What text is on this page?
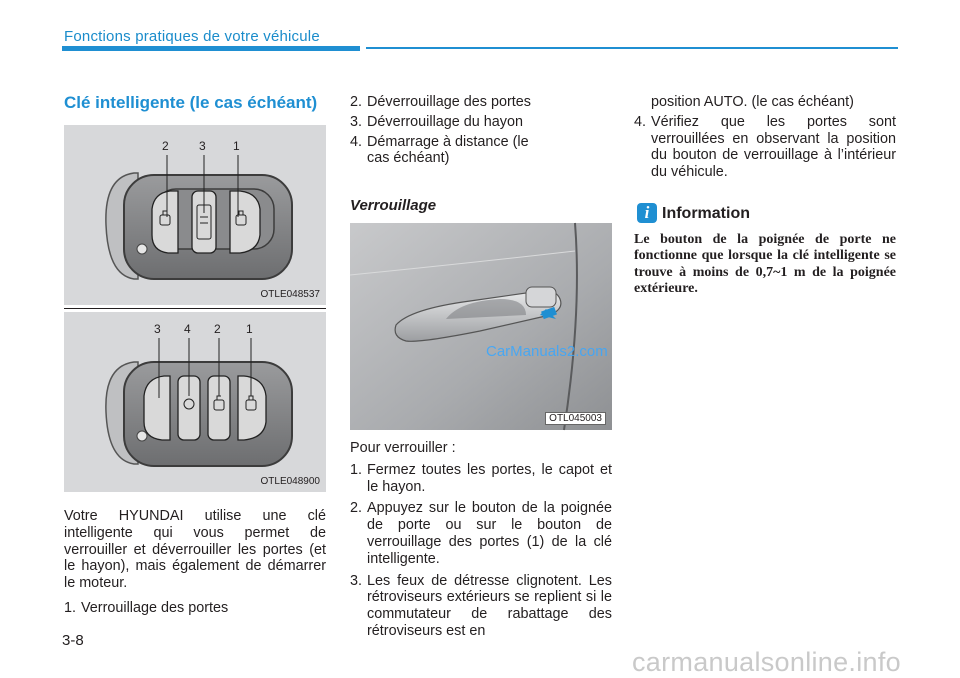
Fonctions pratiques de votre véhicule
Clé intelligente (le cas échéant)
2	3 1
OTLE048537
3 4 2 1
OTLE048900

Votre HYUNDAI utilise une clé intelligente qui vous permet de verrouiller et déverrouiller les portes (et le hayon), mais également de démarrer le moteur.

1. Verrouillage des portes
2. Déverrouillage des portes
3. Déverrouillage du hayon
4. Démarrage à distance (le cas échéant)
Verrouillage
OTL045003
CarManuals2.com

Pour verrouiller :

1. Fermez toutes les portes, le capot et le hayon.
2. Appuyez sur le bouton de la poignée de porte ou sur le bouton de verrouillage des portes (1) de la clé intelligente.
3. Les feux de détresse clignotent. Les rétroviseurs extérieurs se replient si le commutateur de rabattage des rétroviseurs est en

position AUTO. (le cas échéant)

4. Vérifiez que les portes sont verrouillées en observant la position du bouton de verrouillage à l’intérieur du véhicule.
i Information
Le bouton de la poignée de porte ne fonctionne que lorsque la clé intelligente se trouve à moins de 0,7~1 m de la poignée extérieure.
3-8
carmanualsonline.info
